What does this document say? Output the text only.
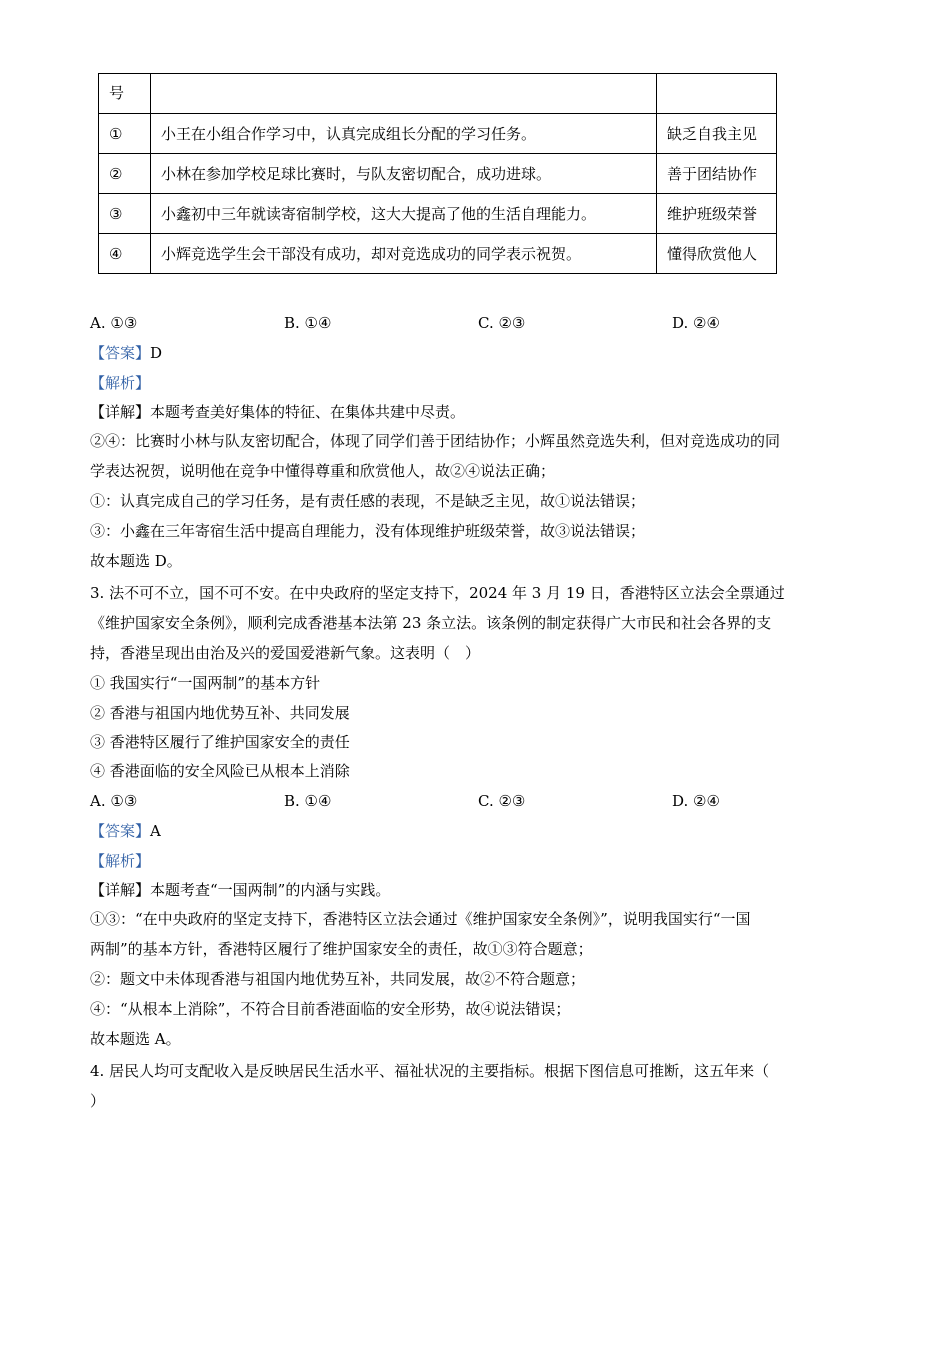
号		
①	小王在小组合作学习中，认真完成组长分配的学习任务。	缺乏自我主见
②	小林在参加学校足球比赛时，与队友密切配合，成功进球。	善于团结协作
③	小鑫初中三年就读寄宿制学校，这大大提高了他的生活自理能力。	维护班级荣誉
④	小辉竞选学生会干部没有成功，却对竞选成功的同学表示祝贺。	懂得欣赏他人
A. ①③	B. ①④	C. ②③	D. ②④
【答案】D
【解析】
【详解】本题考查美好集体的特征、在集体共建中尽责。
②④：比赛时小林与队友密切配合，体现了同学们善于团结协作；小辉虽然竞选失利，但对竞选成功的同
学表达祝贺，说明他在竞争中懂得尊重和欣赏他人，故②④说法正确；
①：认真完成自己的学习任务，是有责任感的表现，不是缺乏主见，故①说法错误；
③：小鑫在三年寄宿生活中提高自理能力，没有体现维护班级荣誉，故③说法错误；
故本题选 D。
3. 法不可不立，国不可不安。在中央政府的坚定支持下，2024 年 3 月 19 日，香港特区立法会全票通过
《维护国家安全条例》，顺利完成香港基本法第 23 条立法。该条例的制定获得广大市民和社会各界的支
持，香港呈现出由治及兴的爱国爱港新气象。这表明（　）
① 我国实行“一国两制”的基本方针
② 香港与祖国内地优势互补、共同发展
③ 香港特区履行了维护国家安全的责任
④ 香港面临的安全风险已从根本上消除
A. ①③	B. ①④	C. ②③	D. ②④
【答案】A
【解析】
【详解】本题考查“一国两制”的内涵与实践。
①③：“在中央政府的坚定支持下，香港特区立法会通过《维护国家安全条例》”，说明我国实行“一国
两制”的基本方针，香港特区履行了维护国家安全的责任，故①③符合题意；
②：题文中未体现香港与祖国内地优势互补，共同发展，故②不符合题意；
④：“从根本上消除”，不符合目前香港面临的安全形势，故④说法错误；
故本题选 A。
4. 居民人均可支配收入是反映居民生活水平、福祉状况的主要指标。根据下图信息可推断，这五年来（
）
